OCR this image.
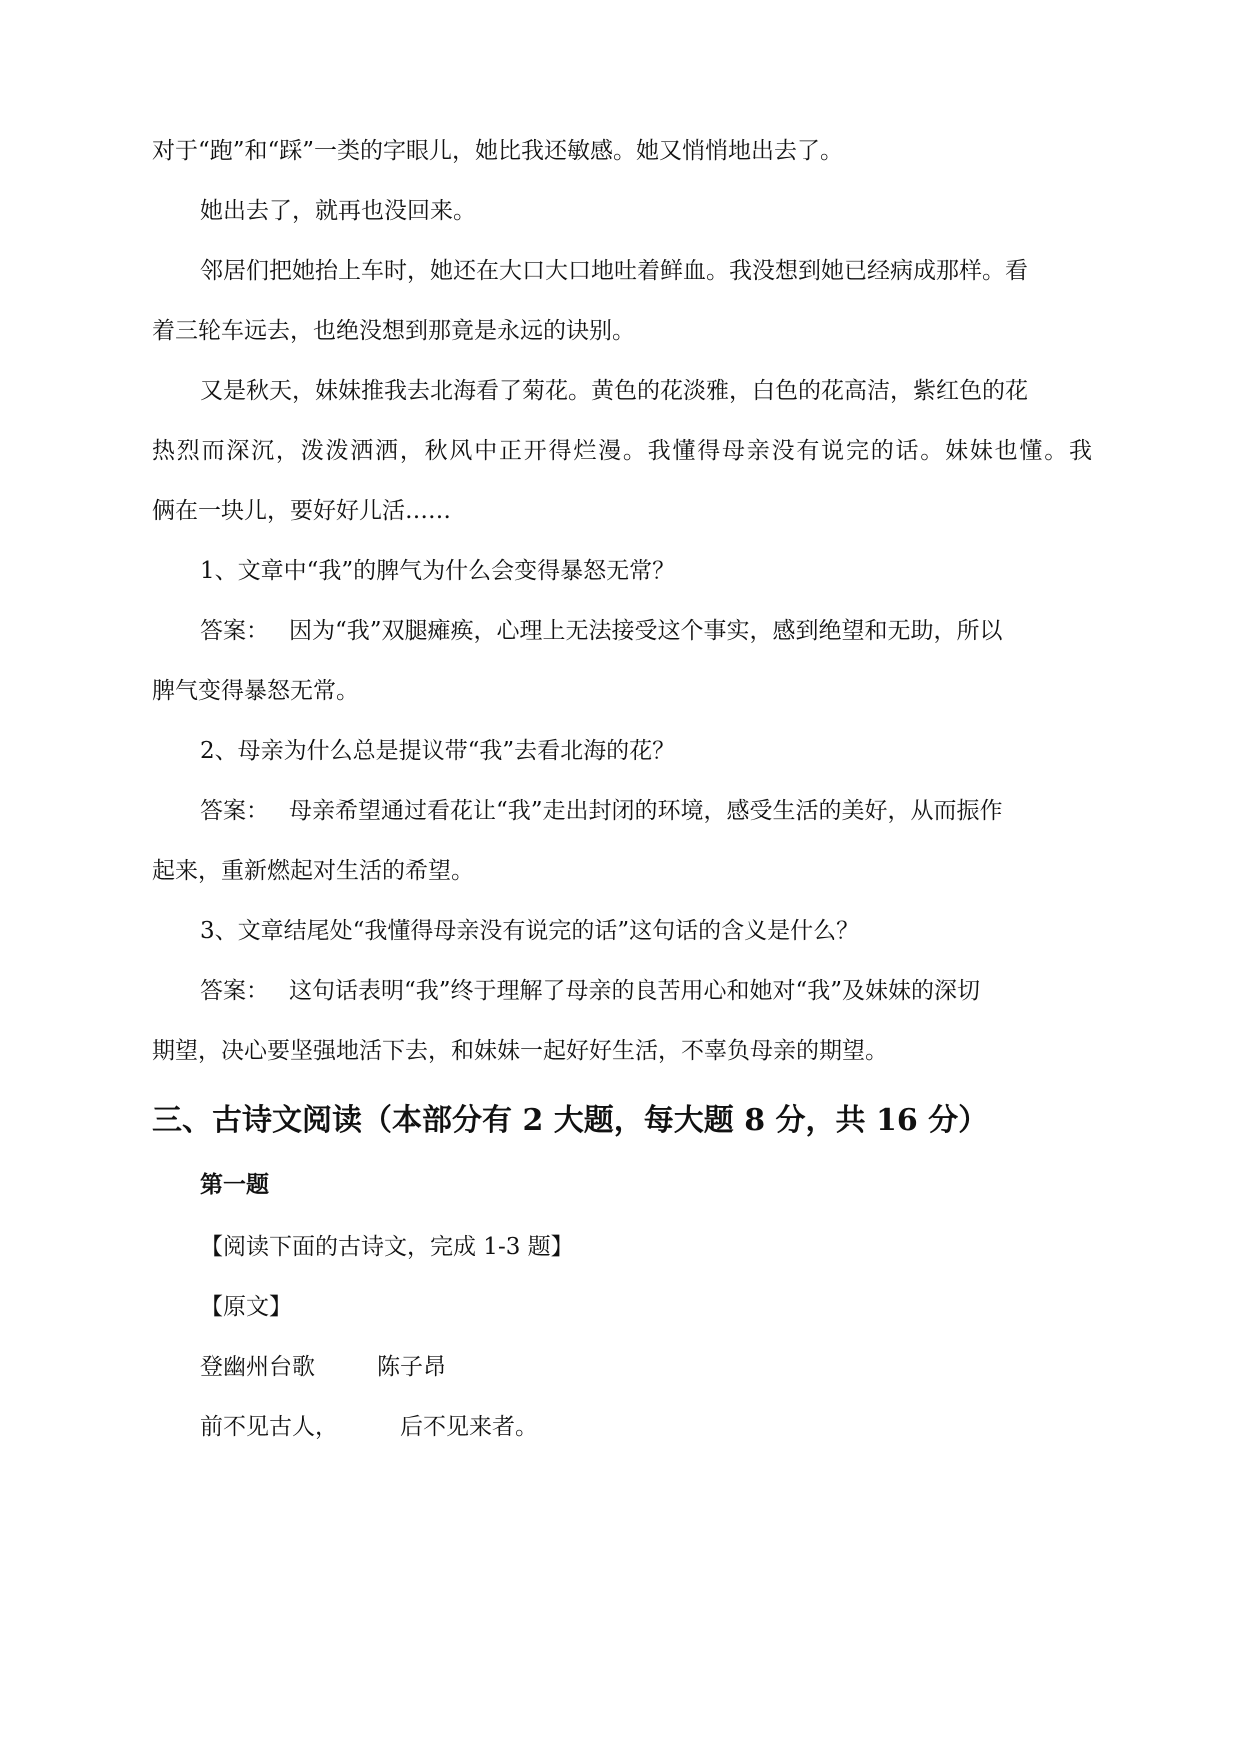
对于“跑”和“踩”一类的字眼儿，她比我还敏感。她又悄悄地出去了。
她出去了，就再也没回来。
邻居们把她抬上车时，她还在大口大口地吐着鲜血。我没想到她已经病成那样。看
着三轮车远去，也绝没想到那竟是永远的诀别。
又是秋天，妹妹推我去北海看了菊花。黄色的花淡雅，白色的花高洁，紫红色的花
热烈而深沉，泼泼洒洒，秋风中正开得烂漫。我懂得母亲没有说完的话。妹妹也懂。我
俩在一块儿，要好好儿活……
1、文章中“我”的脾气为什么会变得暴怒无常？
答案： 因为“我”双腿瘫痪，心理上无法接受这个事实，感到绝望和无助，所以
脾气变得暴怒无常。
2、母亲为什么总是提议带“我”去看北海的花？
答案： 母亲希望通过看花让“我”走出封闭的环境，感受生活的美好，从而振作
起来，重新燃起对生活的希望。
3、文章结尾处“我懂得母亲没有说完的话”这句话的含义是什么？
答案： 这句话表明“我”终于理解了母亲的良苦用心和她对“我”及妹妹的深切
期望，决心要坚强地活下去，和妹妹一起好好生活，不辜负母亲的期望。
三、古诗文阅读（本部分有 2 大题，每大题 8 分，共 16 分）
第一题
【阅读下面的古诗文，完成 1-3 题】
【原文】
登幽州台歌	陈子昂
前不见古人，	后不见来者。
